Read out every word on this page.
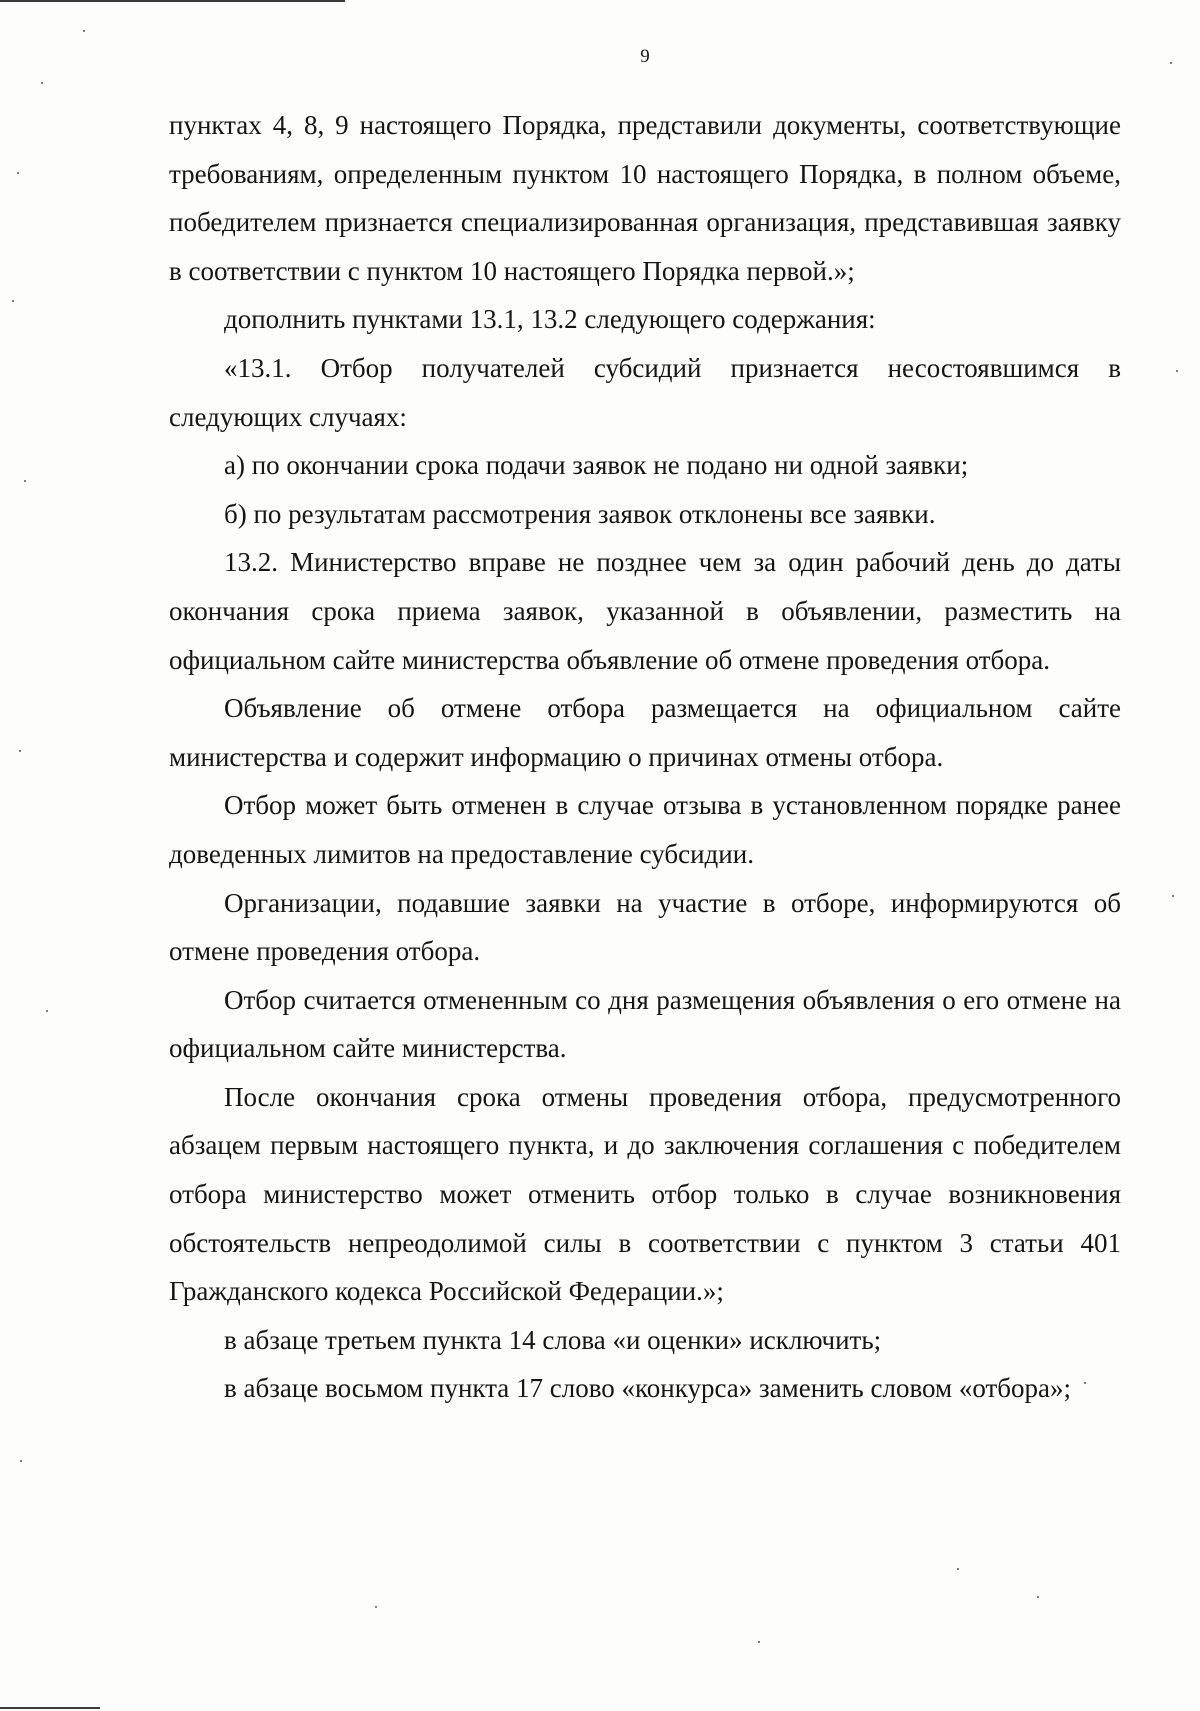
9

пунктах 4, 8, 9 настоящего Порядка, представили документы, соответствующие требованиям, определенным пунктом 10 настоящего Порядка, в полном объеме, победителем признается специализированная организация, представившая заявку в соответствии с пунктом 10 настоящего Порядка первой.»;

дополнить пунктами 13.1, 13.2 следующего содержания:

«13.1. Отбор получателей субсидий признается несостоявшимся в следующих случаях:

а) по окончании срока подачи заявок не подано ни одной заявки;

б) по результатам рассмотрения заявок отклонены все заявки.

13.2. Министерство вправе не позднее чем за один рабочий день до даты окончания срока приема заявок, указанной в объявлении, разместить на официальном сайте министерства объявление об отмене проведения отбора.

Объявление об отмене отбора размещается на официальном сайте министерства и содержит информацию о причинах отмены отбора.

Отбор может быть отменен в случае отзыва в установленном порядке ранее доведенных лимитов на предоставление субсидии.

Организации, подавшие заявки на участие в отборе, информируются об отмене проведения отбора.

Отбор считается отмененным со дня размещения объявления о его отмене на официальном сайте министерства.

После окончания срока отмены проведения отбора, предусмотренного абзацем первым настоящего пункта, и до заключения соглашения с победителем отбора министерство может отменить отбор только в случае возникновения обстоятельств непреодолимой силы в соответствии с пунктом 3 статьи 401 Гражданского кодекса Российской Федерации.»;

в абзаце третьем пункта 14 слова «и оценки» исключить;

в абзаце восьмом пункта 17 слово «конкурса» заменить словом «отбора»;
